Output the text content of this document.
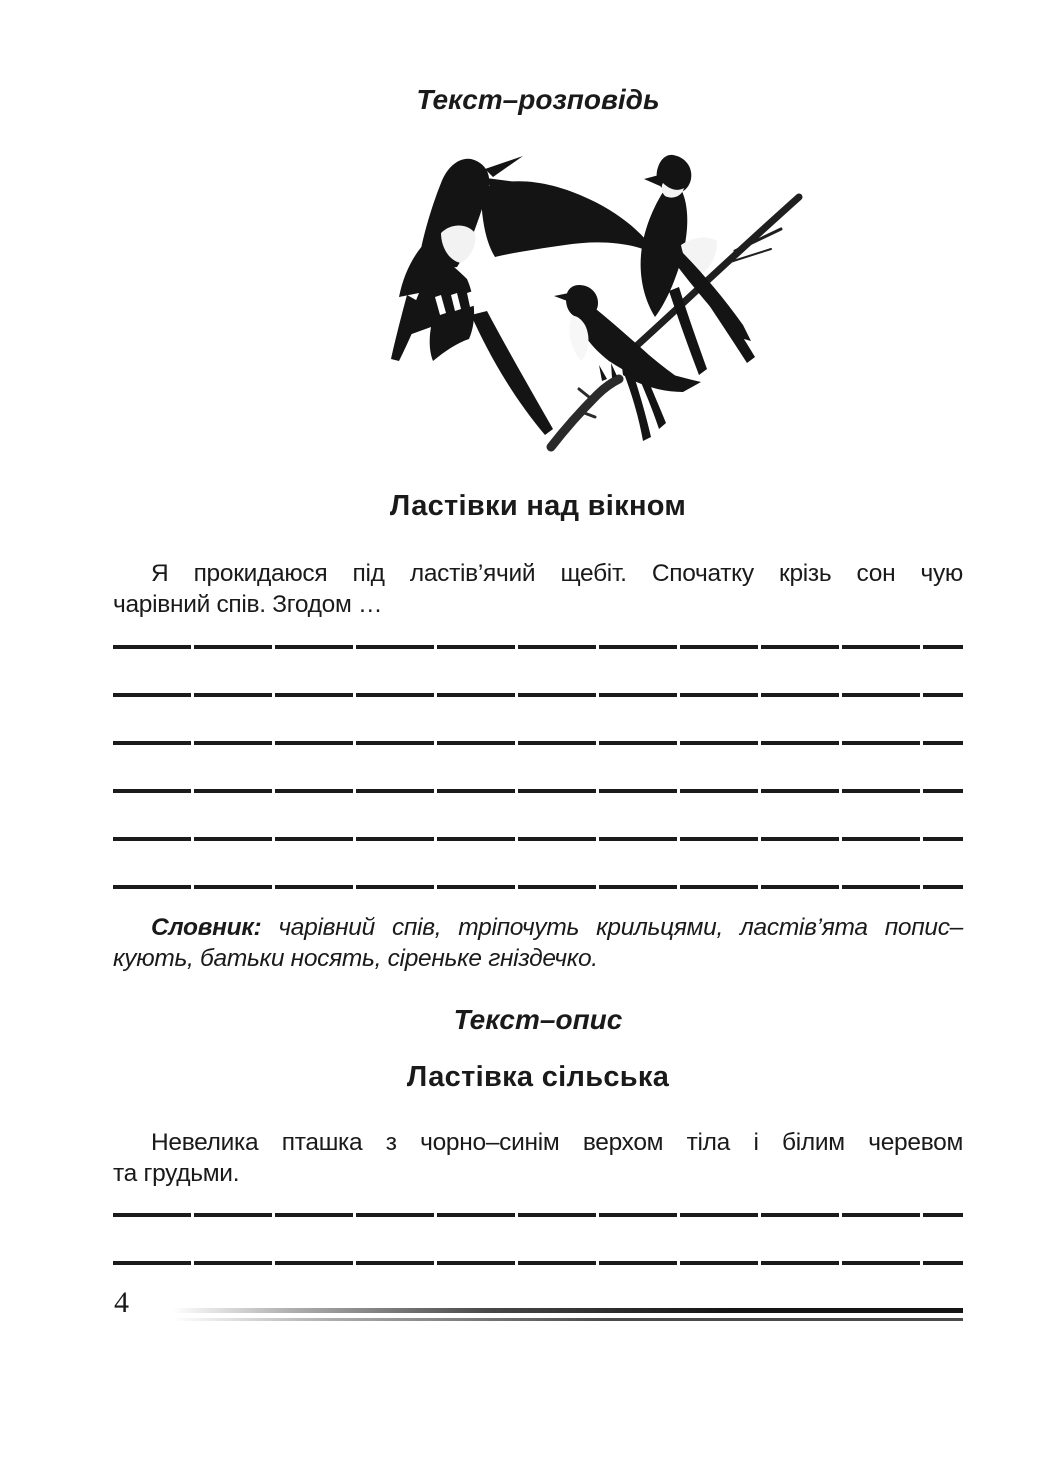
Текст–розповідь
Ластівки над вікном
Я прокидаюся під ластів’ячий щебіт. Спочатку крізь сон чую
чарівний спів. Згодом …
Словник: чарівний спів, тріпочуть крильцями, ластів’ята попис–
кують, батьки носять, сіреньке гніздечко.
Текст–опис
Ластівка сільська
Невелика пташка з чорно–синім верхом тіла і білим черевом
та грудьми.
4
